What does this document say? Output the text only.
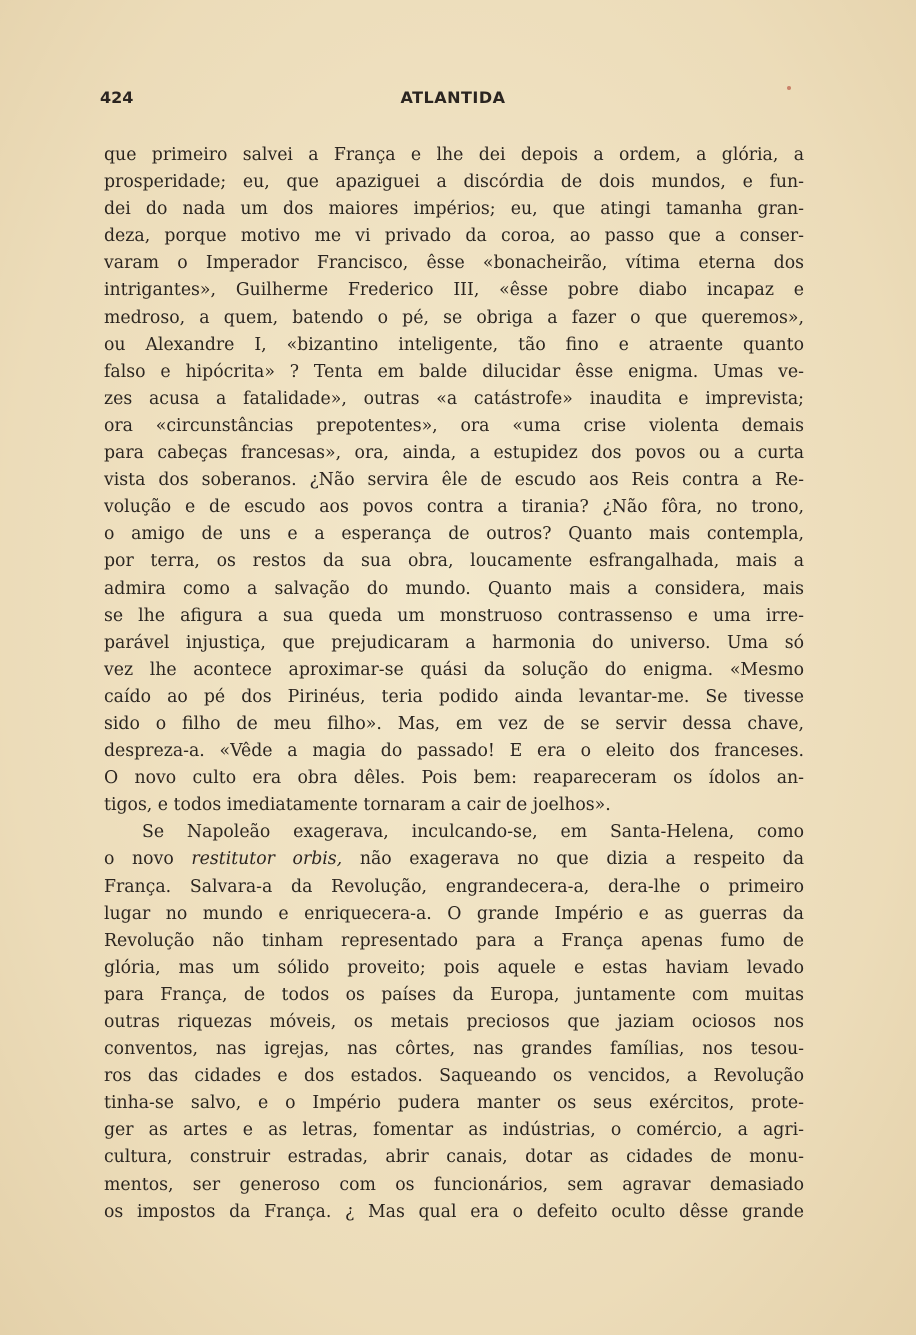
424	ATLANTIDA
que primeiro salvei a França e lhe dei depois a ordem, a glória, a
prosperidade; eu, que apaziguei a discórdia de dois mundos, e fun-
dei do nada um dos maiores impérios; eu, que atingi tamanha gran-
deza, porque motivo me vi privado da coroa, ao passo que a conser-
varam o Imperador Francisco, êsse «bonacheirão, vítima eterna dos
intrigantes», Guilherme Frederico III, «êsse pobre diabo incapaz e
medroso, a quem, batendo o pé, se obriga a fazer o que queremos»,
ou Alexandre I, «bizantino inteligente, tão fino e atraente quanto
falso e hipócrita» ? Tenta em balde dilucidar êsse enigma. Umas ve-
zes acusa a fatalidade», outras «a catástrofe» inaudita e imprevista;
ora «circunstâncias prepotentes», ora «uma crise violenta demais
para cabeças francesas», ora, ainda, a estupidez dos povos ou a curta
vista dos soberanos. ¿Não servira êle de escudo aos Reis contra a Re-
volução e de escudo aos povos contra a tirania? ¿Não fôra, no trono,
o amigo de uns e a esperança de outros? Quanto mais contempla,
por terra, os restos da sua obra, loucamente esfrangalhada, mais a
admira como a salvação do mundo. Quanto mais a considera, mais
se lhe afigura a sua queda um monstruoso contrassenso e uma irre-
parável injustiça, que prejudicaram a harmonia do universo. Uma só
vez lhe acontece aproximar-se quási da solução do enigma. «Mesmo
caído ao pé dos Pirinéus, teria podido ainda levantar-me. Se tivesse
sido o filho de meu filho». Mas, em vez de se servir dessa chave,
despreza-a. «Vêde a magia do passado! E era o eleito dos franceses.
O novo culto era obra dêles. Pois bem: reapareceram os ídolos an-
tigos, e todos imediatamente tornaram a cair de joelhos».
Se Napoleão exagerava, inculcando-se, em Santa-Helena, como
o novo restitutor orbis, não exagerava no que dizia a respeito da
França. Salvara-a da Revolução, engrandecera-a, dera-lhe o primeiro
lugar no mundo e enriquecera-a. O grande Império e as guerras da
Revolução não tinham representado para a França apenas fumo de
glória, mas um sólido proveito; pois aquele e estas haviam levado
para França, de todos os países da Europa, juntamente com muitas
outras riquezas móveis, os metais preciosos que jaziam ociosos nos
conventos, nas igrejas, nas côrtes, nas grandes famílias, nos tesou-
ros das cidades e dos estados. Saqueando os vencidos, a Revolução
tinha-se salvo, e o Império pudera manter os seus exércitos, prote-
ger as artes e as letras, fomentar as indústrias, o comércio, a agri-
cultura, construir estradas, abrir canais, dotar as cidades de monu-
mentos, ser generoso com os funcionários, sem agravar demasiado
os impostos da França. ¿ Mas qual era o defeito oculto dêsse grande
